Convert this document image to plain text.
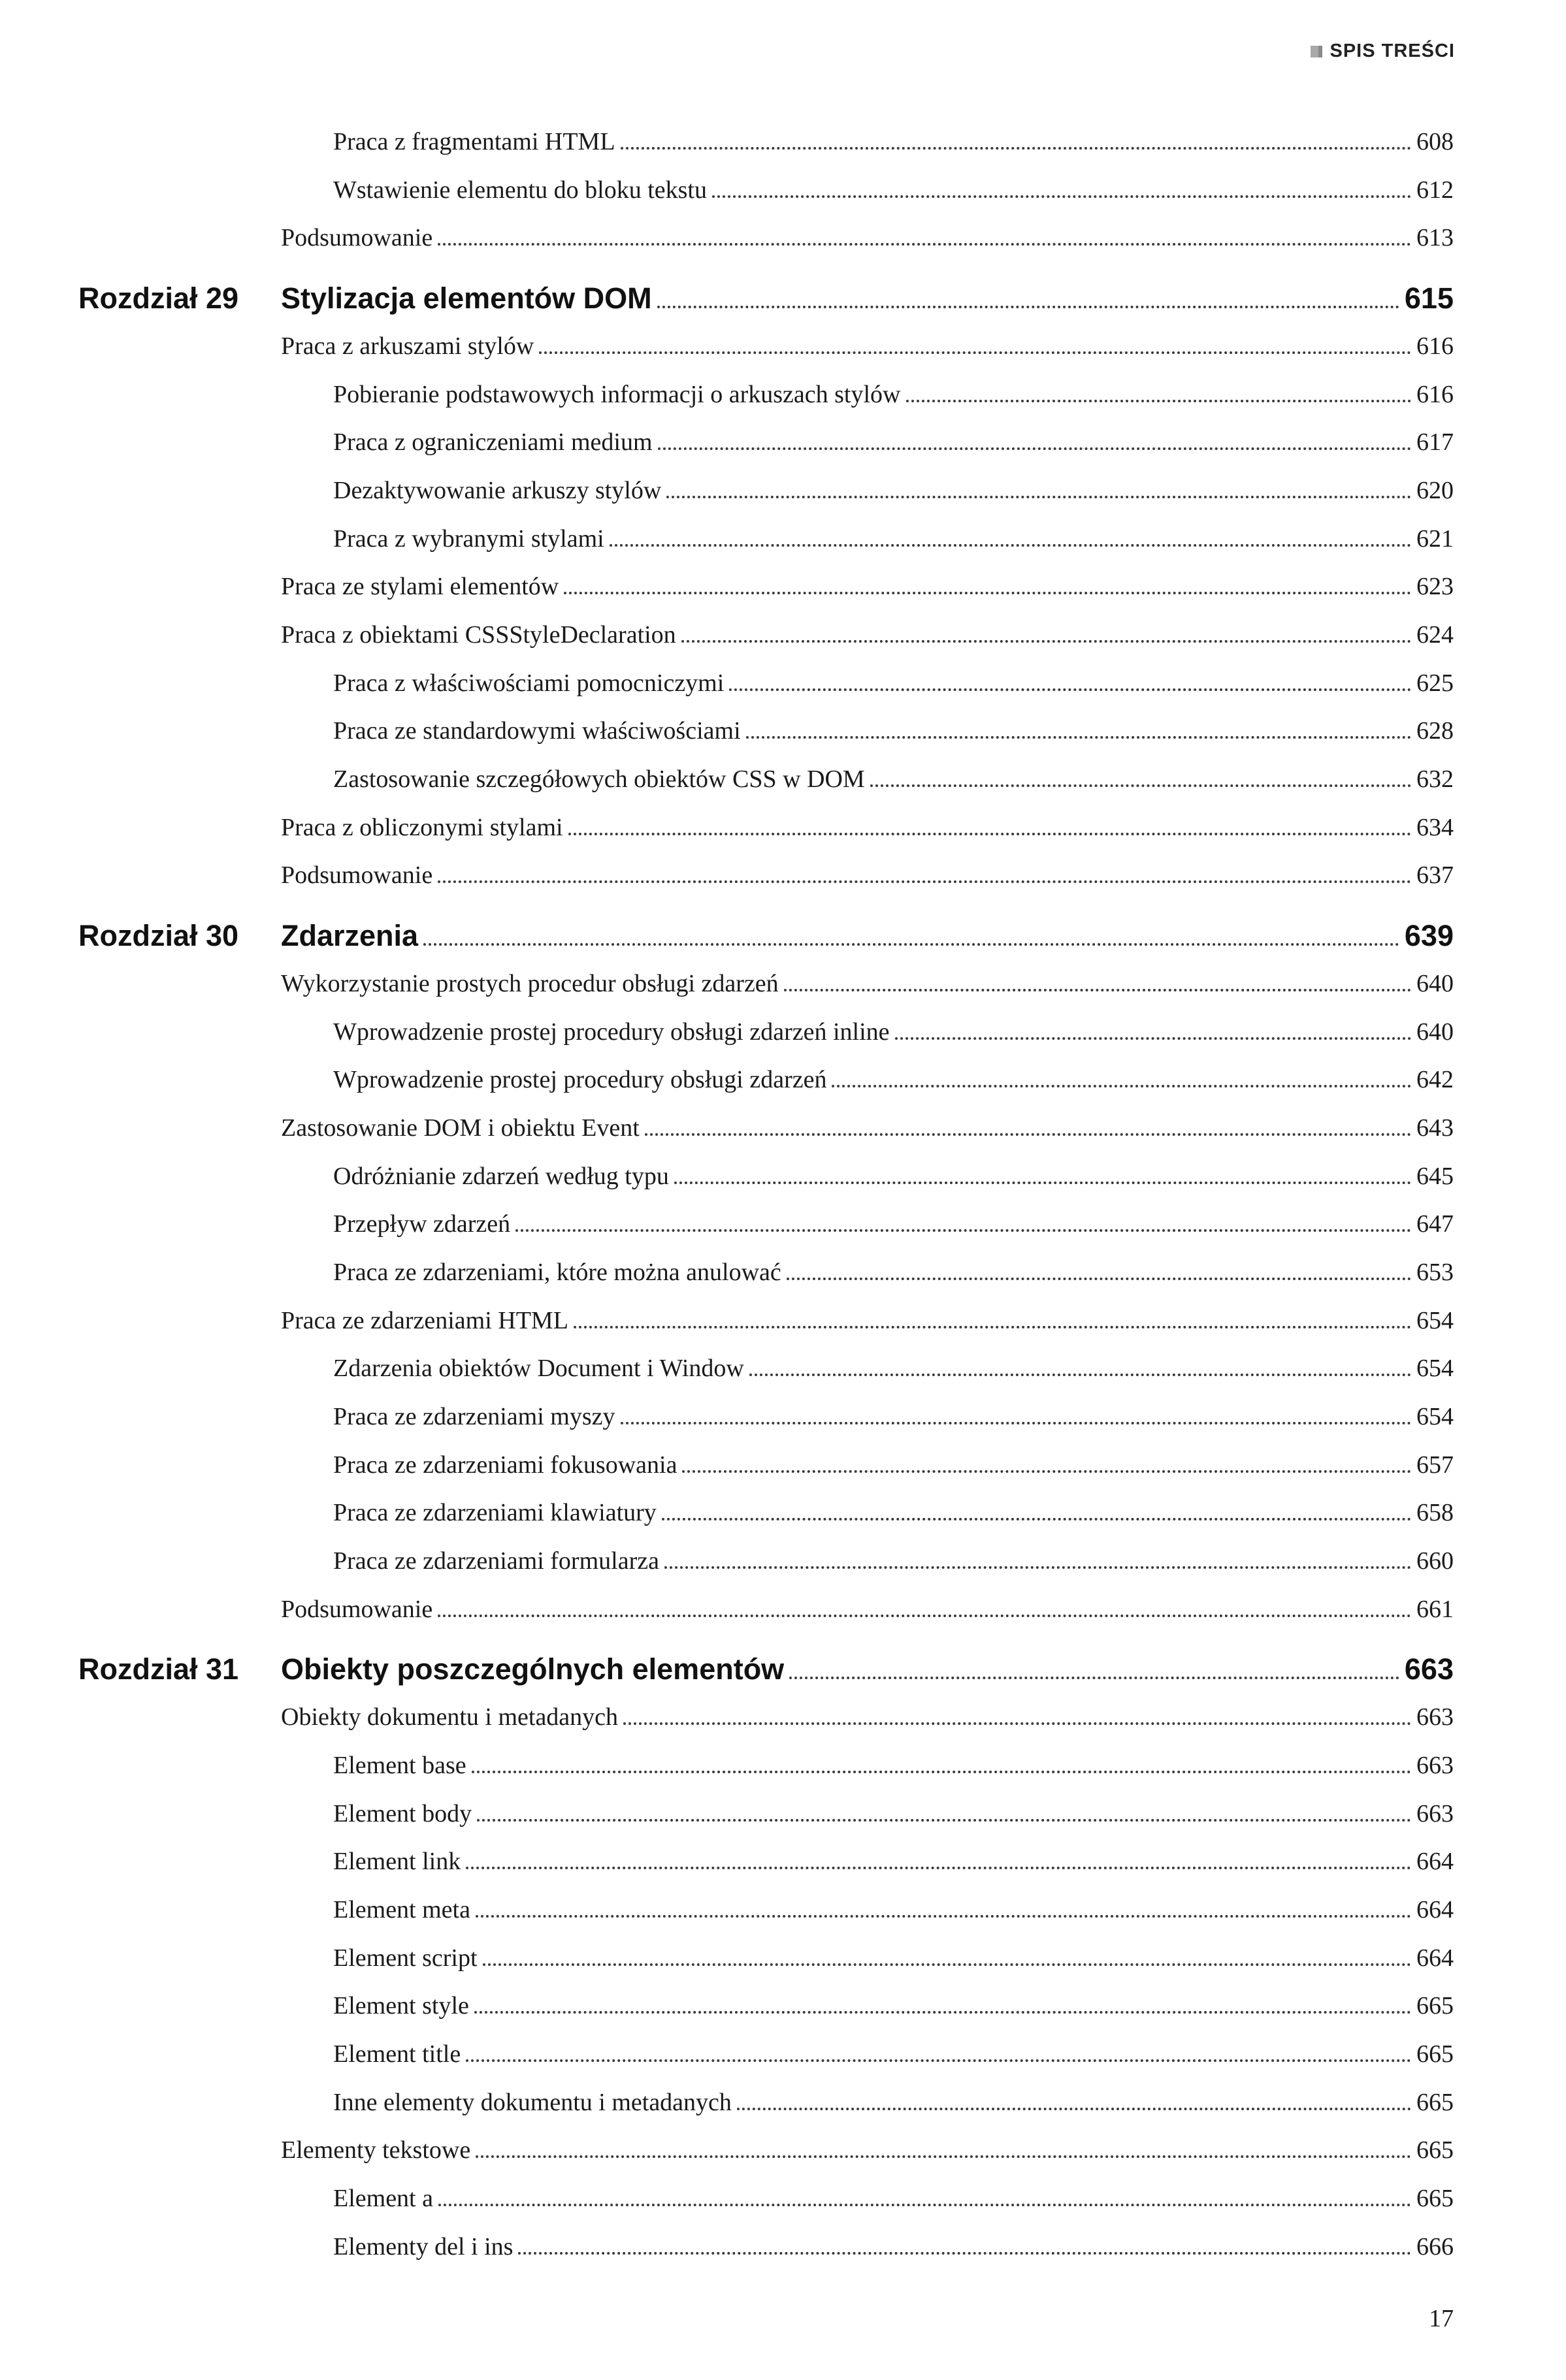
SPIS TREŚCI
Praca z fragmentami HTML	608
Wstawienie elementu do bloku tekstu	612
Podsumowanie	613
Rozdział 29	Stylizacja elementów DOM	615
Praca z arkuszami stylów	616
Pobieranie podstawowych informacji o arkuszach stylów	616
Praca z ograniczeniami medium	617
Dezaktywowanie arkuszy stylów	620
Praca z wybranymi stylami	621
Praca ze stylami elementów	623
Praca z obiektami CSSStyleDeclaration	624
Praca z właściwościami pomocniczymi	625
Praca ze standardowymi właściwościami	628
Zastosowanie szczegółowych obiektów CSS w DOM	632
Praca z obliczonymi stylami	634
Podsumowanie	637
Rozdział 30	Zdarzenia	639
Wykorzystanie prostych procedur obsługi zdarzeń	640
Wprowadzenie prostej procedury obsługi zdarzeń inline	640
Wprowadzenie prostej procedury obsługi zdarzeń	642
Zastosowanie DOM i obiektu Event	643
Odróżnianie zdarzeń według typu	645
Przepływ zdarzeń	647
Praca ze zdarzeniami, które można anulować	653
Praca ze zdarzeniami HTML	654
Zdarzenia obiektów Document i Window	654
Praca ze zdarzeniami myszy	654
Praca ze zdarzeniami fokusowania	657
Praca ze zdarzeniami klawiatury	658
Praca ze zdarzeniami formularza	660
Podsumowanie	661
Rozdział 31	Obiekty poszczególnych elementów	663
Obiekty dokumentu i metadanych	663
Element base	663
Element body	663
Element link	664
Element meta	664
Element script	664
Element style	665
Element title	665
Inne elementy dokumentu i metadanych	665
Elementy tekstowe	665
Element a	665
Elementy del i ins	666
17
